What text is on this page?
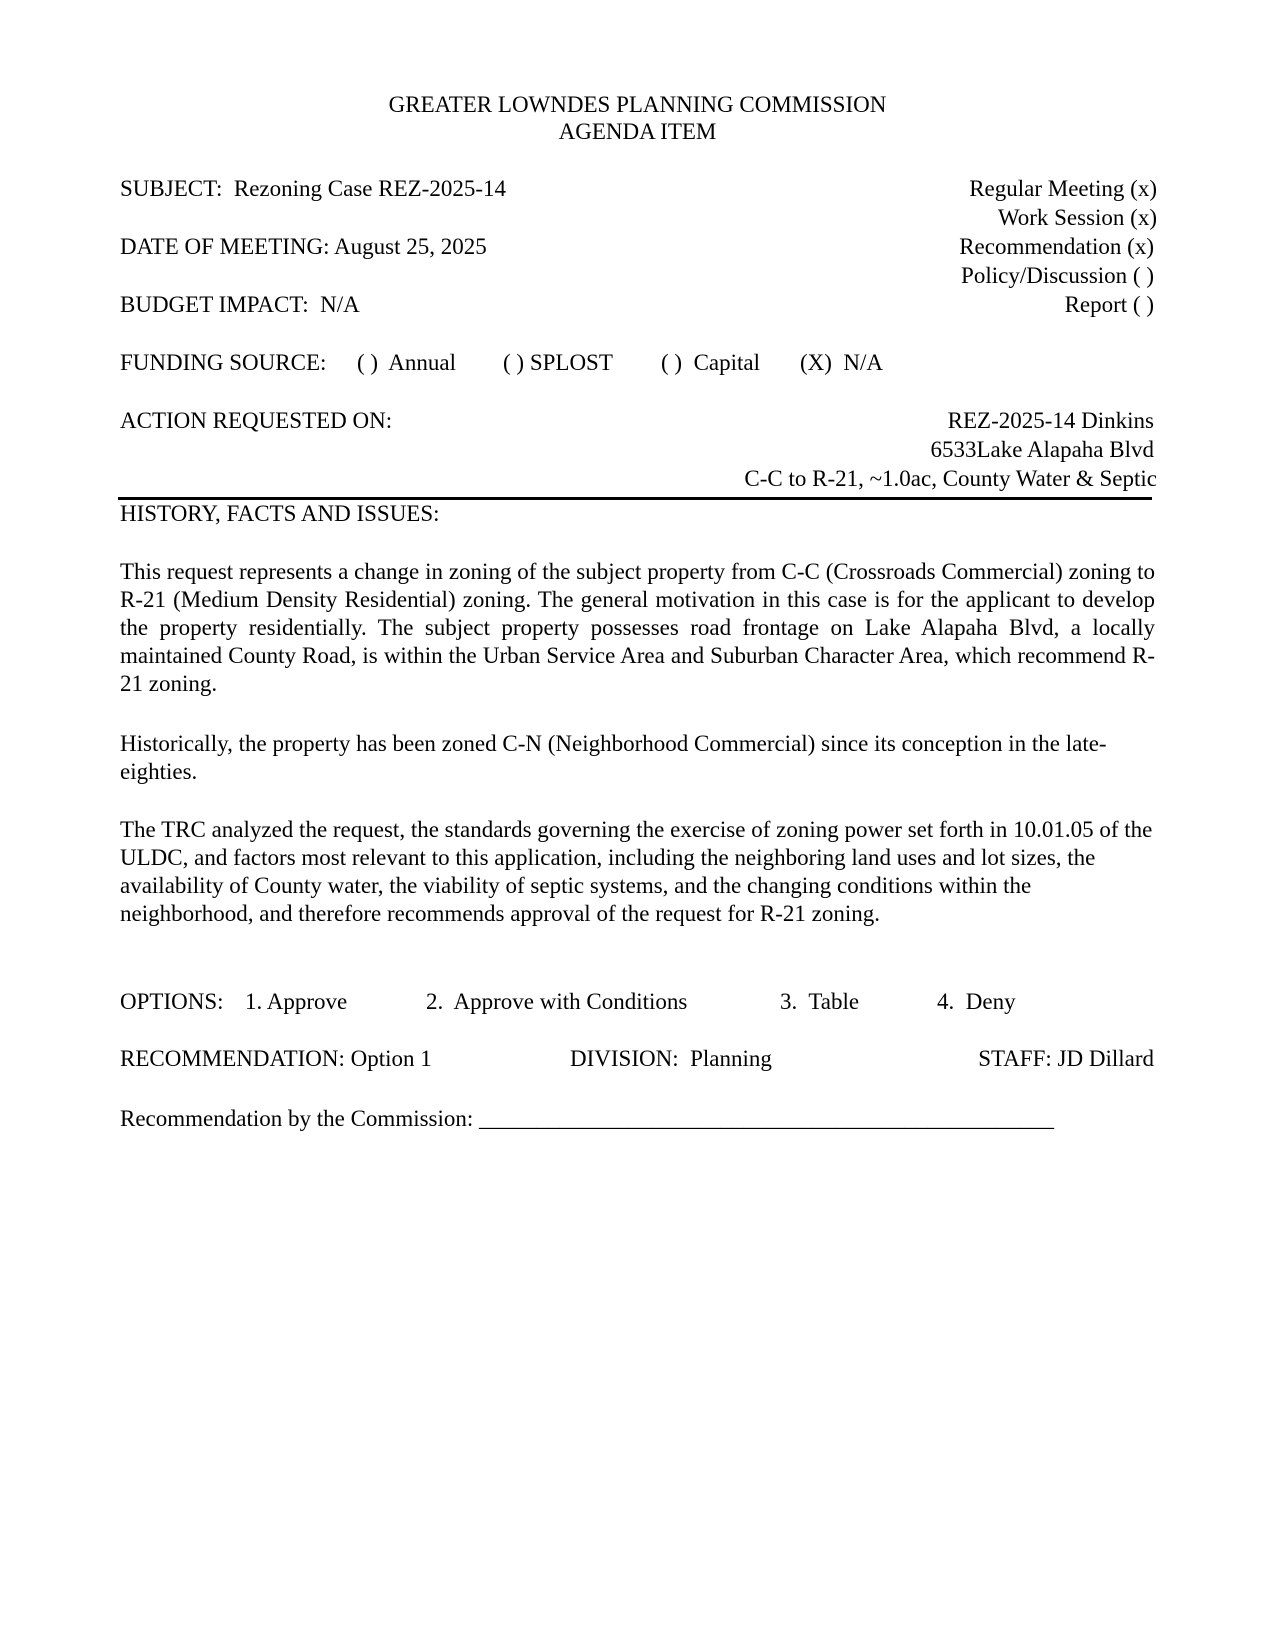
GREATER LOWNDES PLANNING COMMISSION
AGENDA ITEM
SUBJECT:  Rezoning Case REZ-2025-14
DATE OF MEETING: August 25, 2025
BUDGET IMPACT:  N/A
Regular Meeting (x)
Work Session (x)
Recommendation (x)
Policy/Discussion ( )
Report ( )
FUNDING SOURCE: ( )  Annual ( ) SPLOST ( )  Capital (X)  N/A
ACTION REQUESTED ON:	REZ-2025-14 Dinkins
6533Lake Alapaha Blvd
C-C to R-21, ~1.0ac, County Water & Septic
HISTORY, FACTS AND ISSUES:
This request represents a change in zoning of the subject property from C-C (Crossroads Commercial) zoning to R-21 (Medium Density Residential) zoning. The general motivation in this case is for the applicant to develop the property residentially. The subject property possesses road frontage on Lake Alapaha Blvd, a locally maintained County Road, is within the Urban Service Area and Suburban Character Area, which recommend R-21 zoning.
Historically, the property has been zoned C-N (Neighborhood Commercial) since its conception in the late-eighties.
The TRC analyzed the request, the standards governing the exercise of zoning power set forth in 10.01.05 of the ULDC, and factors most relevant to this application, including the neighboring land uses and lot sizes, the availability of County water, the viability of septic systems, and the changing conditions within the neighborhood, and therefore recommends approval of the request for R-21 zoning.
OPTIONS: 1. Approve	2.  Approve with Conditions	3.  Table	4.  Deny
RECOMMENDATION: Option 1	DIVISION:  Planning	STAFF: JD Dillard
Recommendation by the Commission: __________________________________________________
